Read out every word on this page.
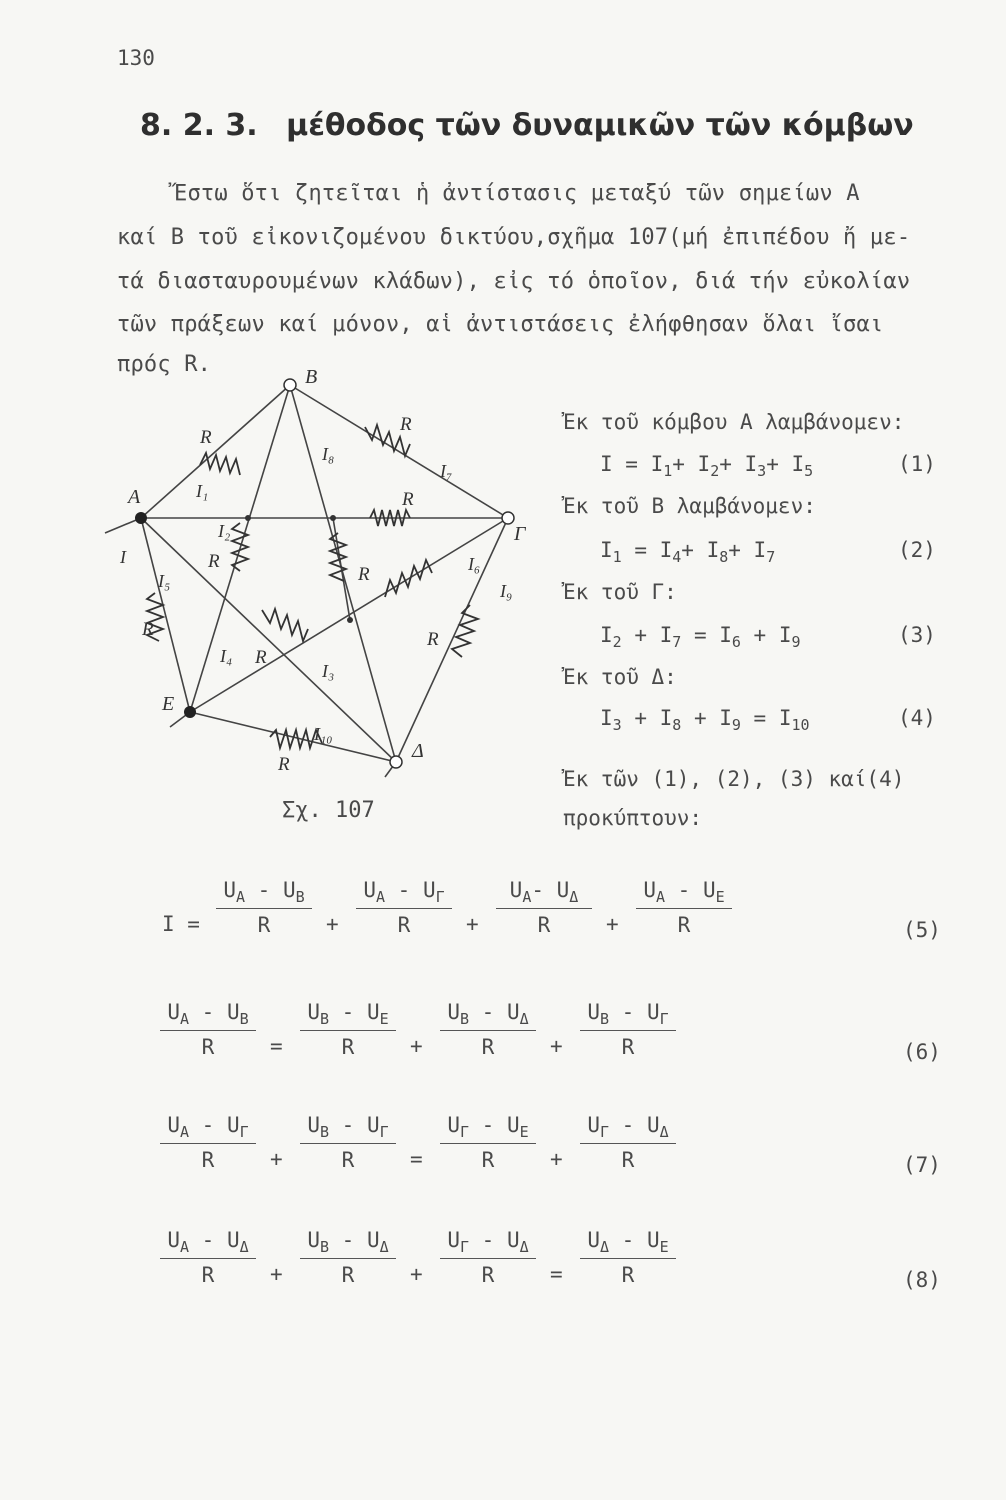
130
8. 2. 3. μέθοδος τῶν δυναμικῶν τῶν κόμβων
Ἔστω ὅτι ζητεῖται ἡ ἀντίστασις μεταξύ τῶν σημείων A
καί B τοῦ εἰκονιζομένου δικτύου,σχῆμα 107(μή ἐπιπέδου ἤ με-
τά διασταυρουμένων κλάδων), εἰς τό ὁποῖον, διά τήν εὐκολίαν
τῶν πράξεων καί μόνον, αἱ ἀντιστάσεις ἐλήφθησαν ὅλαι ἴσαι
πρός R.
A
B
Γ
Δ
E
R
R
R
R
R
R
R
R
R
I
I₁
I₂
I₃
I₄
I₅
I₆
I₇
I₈
I₉
I₁₀
Σχ. 107
Ἐκ τοῦ κόμβου A λαμβάνομεν:
$I = I_1+ I_2+ I_3+ I_5$	(1)
Ἐκ τοῦ B λαμβάνομεν:
$I_1 = I_4+ I_8+ I_7$	(2)
Ἐκ τοῦ Γ:
$I_2 + I_7 = I_6 + I_9$	(3)
Ἐκ τοῦ Δ:
$I_3 + I_8 + I_9 = I_{10}$	(4)
Ἐκ τῶν (1), (2), (3) καί(4)
προκύπτουν:
I =
$U_A - U_B$
R	+
$U_A - U_\Gamma$
R	+
$U_A-$ $U_\Delta$
R	+
$U_A - U_E$
R	(5)
$U_A - U_B$
R	=
$U_B - U_E$
R	+
$U_B - U_\Delta$
R	+
$U_B - U_\Gamma$
R	(6)
$U_A - U_\Gamma$
R	+
$U_B - U_\Gamma$
R	=
$U_\Gamma - U_E$
R	+
$U_\Gamma - U_\Delta$
R	(7)
$U_A - U_\Delta$
R	+
$U_B - U_\Delta$
R	+
$U_\Gamma - U_\Delta$
R	=
$U_\Delta - U_E$
R	(8)
